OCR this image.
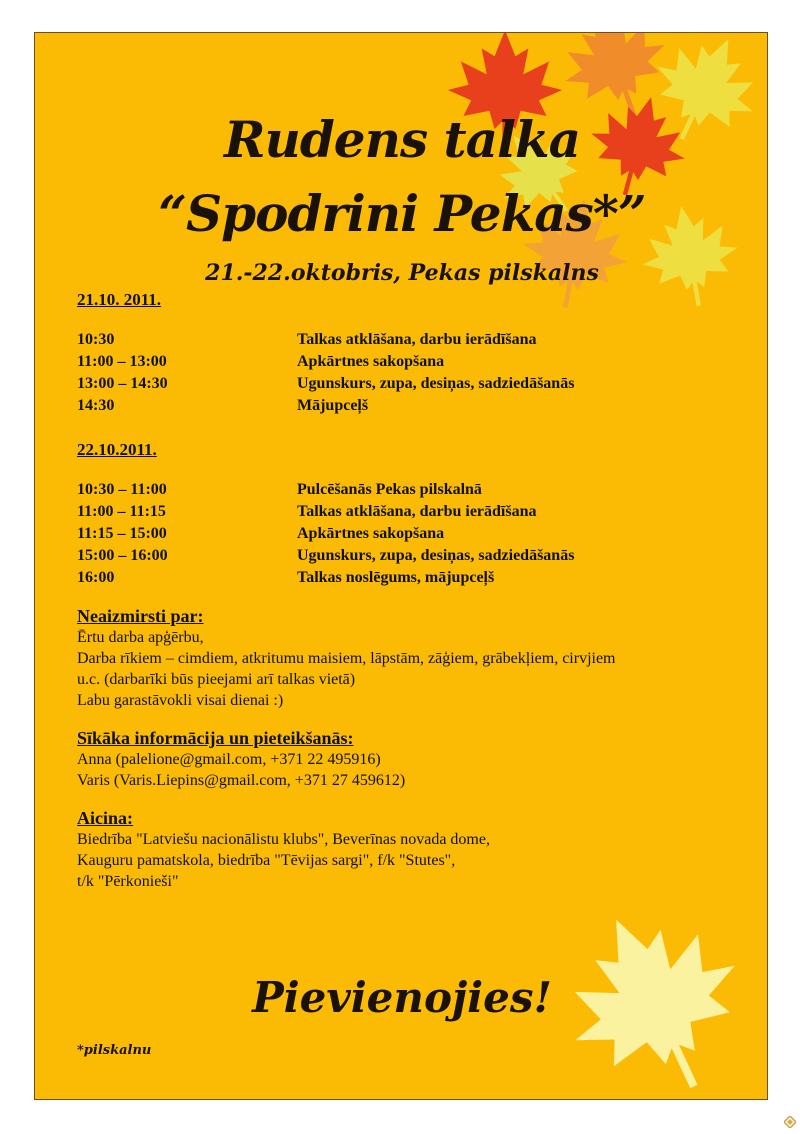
Rudens talka
“Spodrini Pekas*”
21.-22.oktobris, Pekas pilskalns
21.10. 2011.
10:30	Talkas atklāšana, darbu ierādīšana
11:00 – 13:00	Apkārtnes sakopšana
13:00 – 14:30	Ugunskurs, zupa, desiņas, sadziedāšanās
14:30	Mājupceļš
22.10.2011.
10:30 – 11:00	Pulcēšanās Pekas pilskalnā
11:00 – 11:15	Talkas atklāšana, darbu ierādīšana
11:15 – 15:00	Apkārtnes sakopšana
15:00 – 16:00	Ugunskurs, zupa, desiņas, sadziedāšanās
16:00	Talkas noslēgums, mājupceļš
Neaizmirsti par:
Ērtu darba apģērbu,
Darba rīkiem – cimdiem, atkritumu maisiem, lāpstām, zāģiem, grābekļiem, cirvjiem
u.c. (darbarīki būs pieejami arī talkas vietā)
Labu garastāvokli visai dienai :)
Sīkāka informācija un pieteikšanās:
Anna (palelione@gmail.com, +371 22 495916)
Varis (Varis.Liepins@gmail.com, +371 27 459612)
Aicina:
Biedrība "Latviešu nacionālistu klubs", Beverīnas novada dome,
Kauguru pamatskola, biedrība "Tēvijas sargi", f/k "Stutes",
t/k "Pērkonieši"
Pievienojies!
*pilskalnu
